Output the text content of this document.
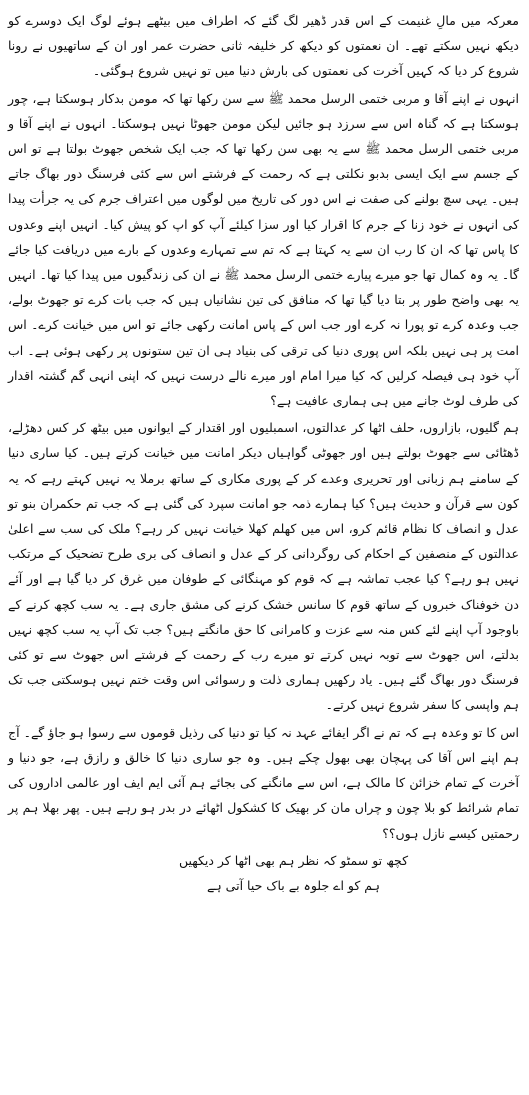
معرکہ میں مالِ غنیمت کے اس قدر ڈھیر لگ گئے کہ اطراف میں بیٹھے ہوئے لوگ ایک دوسرے کو دیکھ نہیں سکتے تھے۔ ان نعمتوں کو دیکھ کر خلیفہ ثانی حضرت عمر اور ان کے ساتھیوں نے رونا شروع کر دیا کہ کہیں آخرت کی نعمتوں کی بارش دنیا میں تو نہیں شروع ہوگئی۔

انہوں نے اپنے آقا و مربی ختمی الرسل محمد ﷺ سے سن رکھا تھا کہ مومن بدکار ہوسکتا ہے، چور ہوسکتا ہے کہ گناہ اس سے سرزد ہو جائیں لیکن مومن جھوٹا نہیں ہوسکتا۔ انہوں نے اپنے آقا و مربی ختمی الرسل محمد ﷺ سے یہ بھی سن رکھا تھا کہ جب ایک شخص جھوٹ بولتا ہے تو اس کے جسم سے ایک ایسی بدبو نکلتی ہے کہ رحمت کے فرشتے اس سے کئی فرسنگ دور بھاگ جاتے ہیں۔ یہی سچ بولنے کی صفت نے اس دور کی تاریخ میں لوگوں میں اعتراف جرم کی یہ جرأت پیدا کی انہوں نے خود زنا کے جرم کا اقرار کیا اور سزا کیلئے آپ کو اپ کو پیش کیا۔ انہیں اپنے وعدوں کا پاس تھا کہ ان کا رب ان سے یہ کہتا ہے کہ تم سے تمہارے وعدوں کے بارے میں دریافت کیا جائے گا۔ یہ وہ کمال تھا جو میرے پیارے ختمی الرسل محمد ﷺ نے ان کی زندگیوں میں پیدا کیا تھا۔ انہیں یہ بھی واضح طور پر بتا دیا گیا تھا کہ منافق کی تین نشانیاں ہیں کہ جب بات کرے تو جھوٹ بولے، جب وعدہ کرے تو پورا نہ کرے اور جب اس کے پاس امانت رکھی جائے تو اس میں خیانت کرے۔ اس امت پر ہی نہیں بلکہ اس پوری دنیا کی ترقی کی بنیاد ہی ان تین ستونوں پر رکھی ہوئی ہے۔ اب آپ خود ہی فیصلہ کرلیں کہ کیا میرا امام اور میرے نالے درست نہیں کہ اپنی انہی گم گشتہ اقدار کی طرف لوٹ جانے میں ہی ہماری عافیت ہے؟

ہم گلیوں، بازاروں، حلف اٹھا کر عدالتوں، اسمبلیوں اور اقتدار کے ایوانوں میں بیٹھ کر کس دھڑلے، ڈھٹائی سے جھوٹ بولتے ہیں اور جھوٹی گواہیاں دیکر امانت میں خیانت کرتے ہیں۔ کیا ساری دنیا کے سامنے ہم زبانی اور تحریری وعدے کر کے پوری مکاری کے ساتھ برملا یہ نہیں کہتے رہے کہ یہ کون سے قرآن و حدیث ہیں؟ کیا ہمارے ذمہ جو امانت سپرد کی گئی ہے کہ جب تم حکمران بنو تو عدل و انصاف کا نظام قائم کرو، اس میں کھلم کھلا خیانت نہیں کر رہے؟ ملک کی سب سے اعلیٰ عدالتوں کے منصفین کے احکام کی روگردانی کر کے عدل و انصاف کی بری طرح تضحیک کے مرتکب نہیں ہو رہے؟ کیا عجب تماشہ ہے کہ قوم کو مہنگائی کے طوفان میں غرق کر دیا گیا ہے اور آئے دن خوفناک خبروں کے ساتھ قوم کا سانس خشک کرنے کی مشق جاری ہے۔ یہ سب کچھ کرنے کے باوجود آپ اپنے لئے کس منہ سے عزت و کامرانی کا حق مانگتے ہیں؟ جب تک آپ یہ سب کچھ نہیں بدلتے، اس جھوٹ سے توبہ نہیں کرتے تو میرے رب کے رحمت کے فرشتے اس جھوٹ سے تو کئی فرسنگ دور بھاگ گئے ہیں۔ یاد رکھیں ہماری ذلت و رسوائی اس وقت ختم نہیں ہوسکتی جب تک ہم واپسی کا سفر شروع نہیں کرتے۔

اس کا تو وعدہ ہے کہ تم نے اگر ایفائے عہد نہ کیا تو دنیا کی رذیل قوموں سے رسوا ہو جاؤ گے۔ آج ہم اپنے اس آقا کی پہچان بھی بھول چکے ہیں۔ وہ جو ساری دنیا کا خالق و رازق ہے، جو دنیا و آخرت کے تمام خزائن کا مالک ہے، اس سے مانگنے کی بجائے ہم آئی ایم ایف اور عالمی اداروں کی تمام شرائط کو بلا چون و چراں مان کر بھیک کا کشکول اٹھائے در بدر ہو رہے ہیں۔ پھر بھلا ہم پر رحمتیں کیسے نازل ہوں؟؟

کچھ تو سمٹو کہ نظر ہم بھی اٹھا کر دیکھیں

ہم کو اے جلوہ بے باک حیا آتی ہے
